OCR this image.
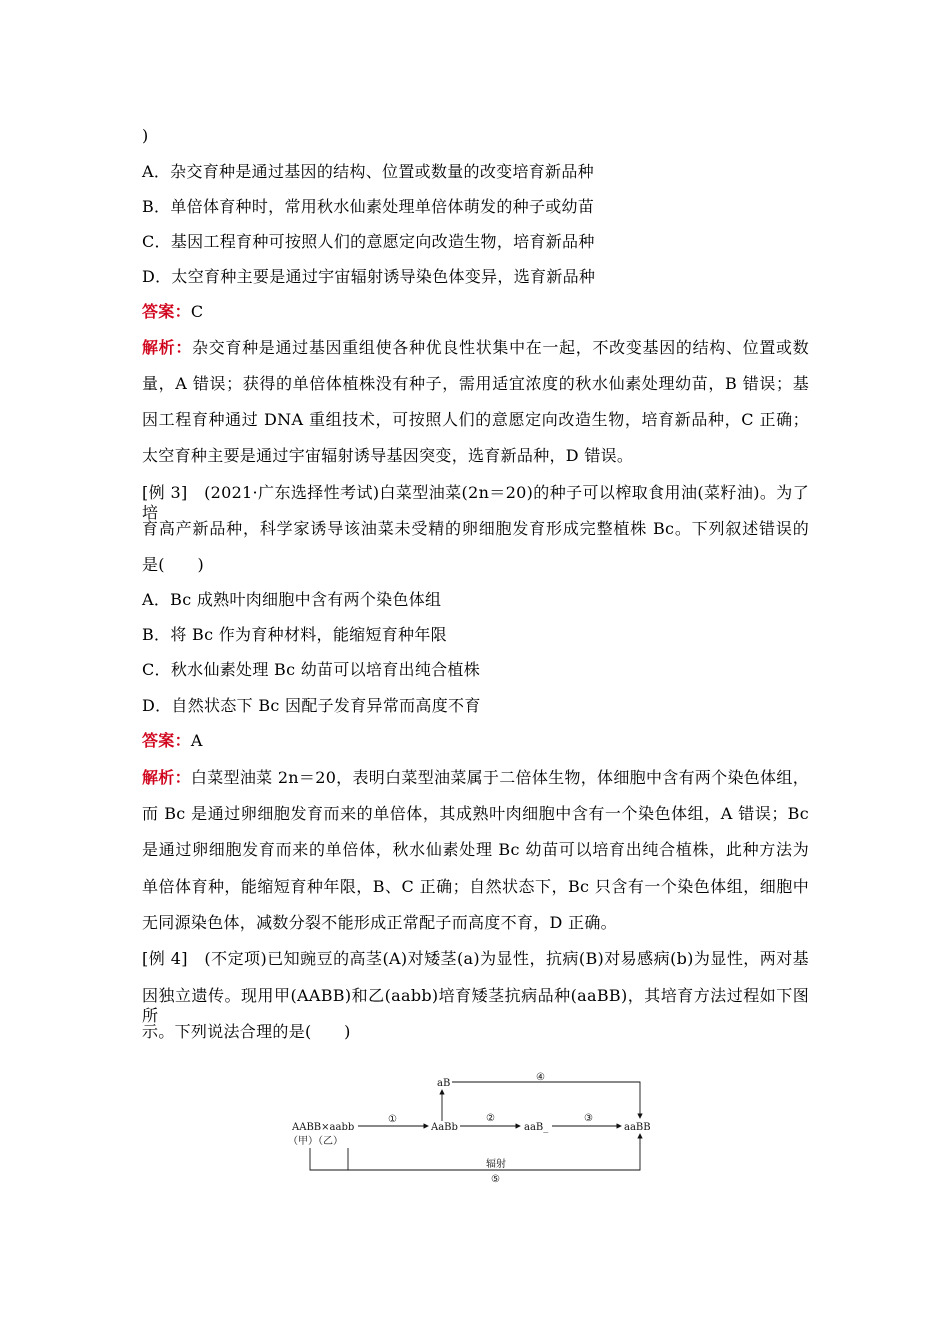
)
A．杂交育种是通过基因的结构、位置或数量的改变培育新品种
B．单倍体育种时，常用秋水仙素处理单倍体萌发的种子或幼苗
C．基因工程育种可按照人们的意愿定向改造生物，培育新品种
D．太空育种主要是通过宇宙辐射诱导染色体变异，选育新品种
答案：C
解析：杂交育种是通过基因重组使各种优良性状集中在一起，不改变基因的结构、位置或数
量，A 错误；获得的单倍体植株没有种子，需用适宜浓度的秋水仙素处理幼苗，B 错误；基
因工程育种通过 DNA 重组技术，可按照人们的意愿定向改造生物，培育新品种，C 正确；
太空育种主要是通过宇宙辐射诱导基因突变，选育新品种，D 错误。
[例 3]　(2021·广东选择性考试)白菜型油菜(2n＝20)的种子可以榨取食用油(菜籽油)。为了培
育高产新品种，科学家诱导该油菜未受精的卵细胞发育形成完整植株 Bc。下列叙述错误的
是(　　)
A．Bc 成熟叶肉细胞中含有两个染色体组
B．将 Bc 作为育种材料，能缩短育种年限
C．秋水仙素处理 Bc 幼苗可以培育出纯合植株
D．自然状态下 Bc 因配子发育异常而高度不育
答案：A
解析：白菜型油菜 2n＝20，表明白菜型油菜属于二倍体生物，体细胞中含有两个染色体组，
而 Bc 是通过卵细胞发育而来的单倍体，其成熟叶肉细胞中含有一个染色体组，A 错误；Bc
是通过卵细胞发育而来的单倍体，秋水仙素处理 Bc 幼苗可以培育出纯合植株，此种方法为
单倍体育种，能缩短育种年限，B、C 正确；自然状态下，Bc 只含有一个染色体组，细胞中
无同源染色体，减数分裂不能形成正常配子而高度不育，D 正确。
[例 4]　(不定项)已知豌豆的高茎(A)对矮茎(a)为显性，抗病(B)对易感病(b)为显性，两对基
因独立遗传。现用甲(AABB)和乙(aabb)培育矮茎抗病品种(aaBB)，其培育方法过程如下图所
示。下列说法合理的是(　　)
AABB×aabb
（甲）（乙）
aB
AaBb	aaB_	aaBB
①	②	③
④
辐射
⑤
